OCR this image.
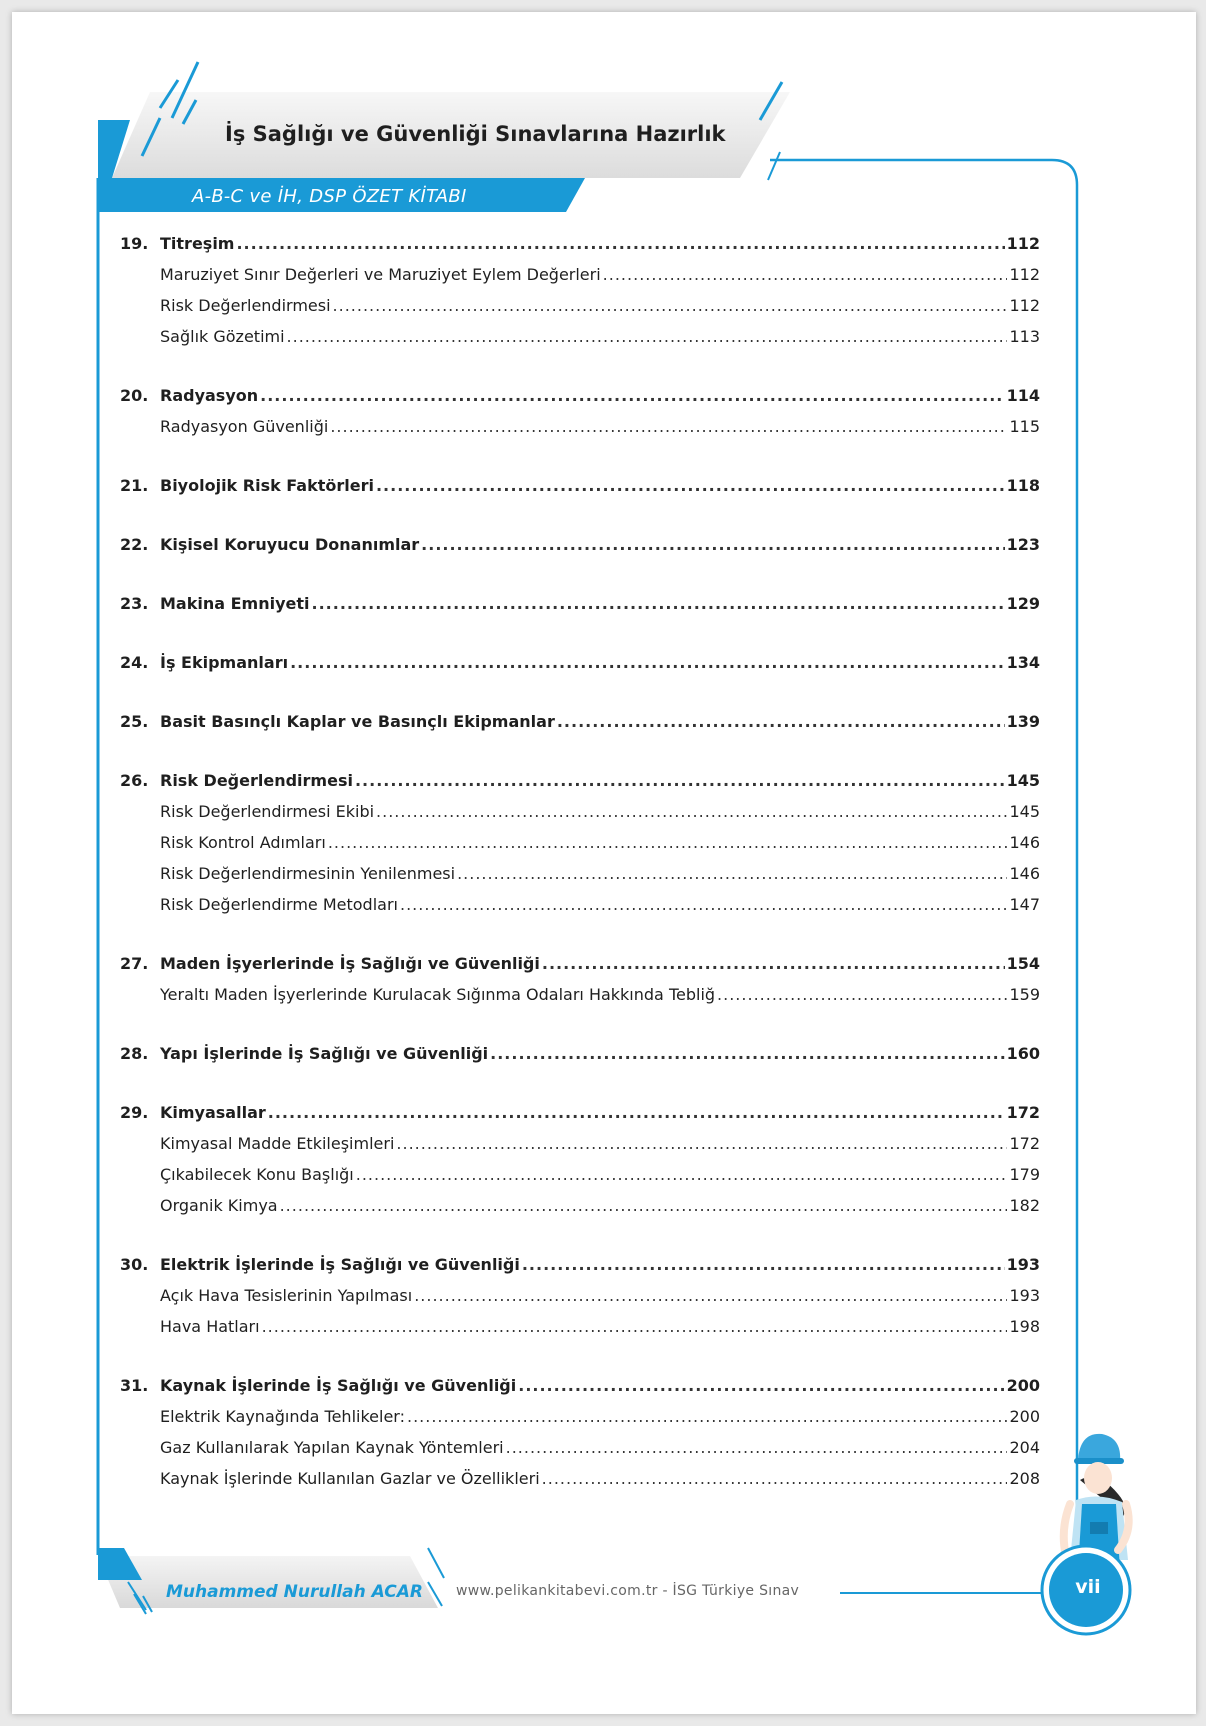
İş Sağlığı ve Güvenliği Sınavlarına Hazırlık
A-B-C ve İH, DSP ÖZET KİTABI
19. Titreşim .....	112
Maruziyet Sınır Değerleri ve Maruziyet Eylem Değerleri .....	112
Risk Değerlendirmesi .....	112
Sağlık Gözetimi .....	113
20. Radyasyon .....	114
Radyasyon Güvenliği .....	115
21. Biyolojik Risk Faktörleri .....	118
22. Kişisel Koruyucu Donanımlar .....	123
23. Makina Emniyeti .....	129
24. İş Ekipmanları .....	134
25. Basit Basınçlı Kaplar ve Basınçlı Ekipmanlar .....	139
26. Risk Değerlendirmesi .....	145
Risk Değerlendirmesi Ekibi .....	145
Risk Kontrol Adımları .....	146
Risk Değerlendirmesinin Yenilenmesi .....	146
Risk Değerlendirme Metodları .....	147
27. Maden İşyerlerinde İş Sağlığı ve Güvenliği .....	154
Yeraltı Maden İşyerlerinde Kurulacak Sığınma Odaları Hakkında Tebliğ .....	159
28. Yapı İşlerinde İş Sağlığı ve Güvenliği .....	160
29. Kimyasallar .....	172
Kimyasal Madde Etkileşimleri .....	172
Çıkabilecek Konu Başlığı .....	179
Organik Kimya .....	182
30. Elektrik İşlerinde İş Sağlığı ve Güvenliği .....	193
Açık Hava Tesislerinin Yapılması .....	193
Hava Hatları .....	198
31. Kaynak İşlerinde İş Sağlığı ve Güvenliği .....	200
Elektrik Kaynağında Tehlikeler: .....	200
Gaz Kullanılarak Yapılan Kaynak Yöntemleri .....	204
Kaynak İşlerinde Kullanılan Gazlar ve Özellikleri .....	208
Muhammed Nurullah ACAR www.pelikankitabevi.com.tr - İSG Türkiye Sınav	vii
